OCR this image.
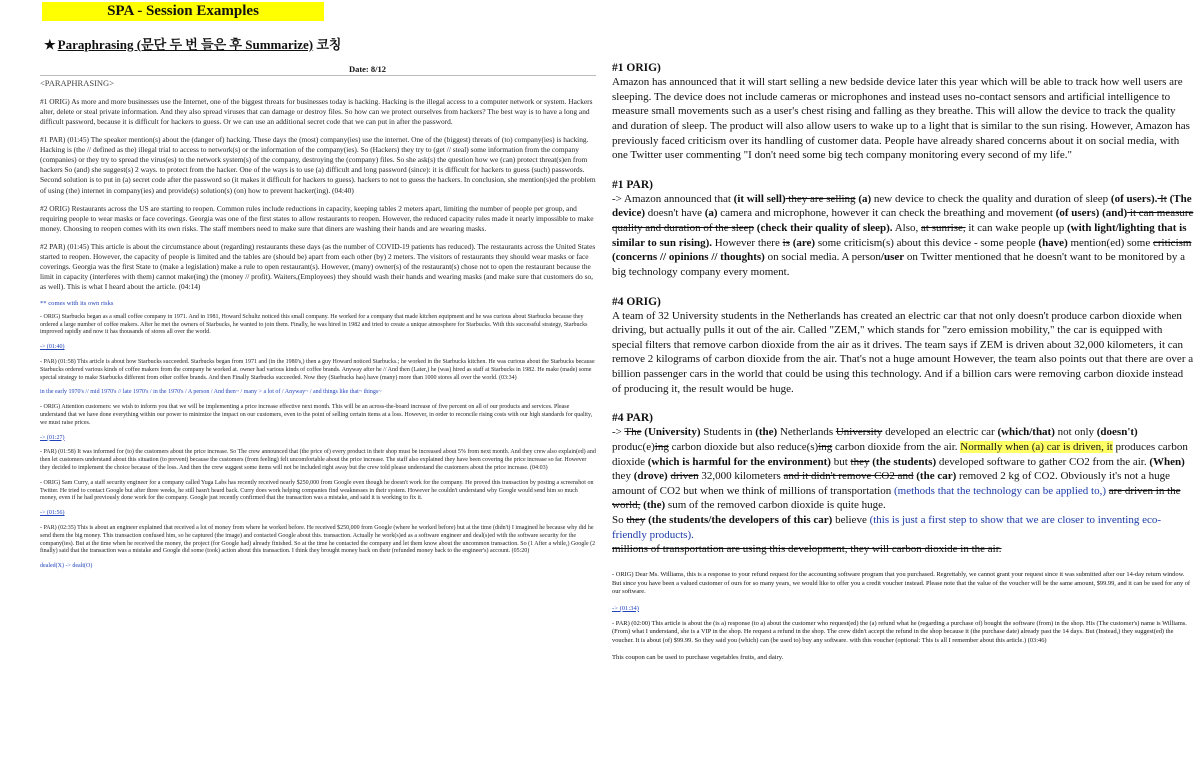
SPA - Session Examples
★ Paraphrasing (문단 두 번 들은 후 Summarize) 코칭
Date: 8/12
<PARAPHRASING>

#1 ORIG) As more and more businesses use the Internet, one of the biggest threats for businesses today is hacking. Hacking is the illegal access to a computer network or system. Hackers alter, delete or steal private information. And they also spread viruses that can damage or destroy files. So how can we protect ourselves from hackers? The best way is to have a long and difficult password, because it is difficult for hackers to guess. Or we can use an additional secret code that we can put in after the password.

#1 PAR) (01:45) The speaker mention(s) about the (danger of) hacking. These days the (most) company(ies) use the internet. One of the (biggest) threats of (to) company(ies) is hacking. Hacking is (the // defined as the) illegal trial to access to network(s) or the information of the company(ies). So (Hackers) they try to (get // steal) some information from the company (companies) or they try to spread the virus(es) to the network system(s) of the company, destroying the (company) files. So she ask(s) the question how we (can) protect threat(s)en from hackers So (and) she suggest(s) 2 ways. to protect from the hacker. One of the ways is to use (a) difficult and long password (since): it is difficult for hackers to guess (such) passwords. Second solution is to put in (a) secret code after the password so (it makes it difficult for hackers to guess). hackers to not to guess the hackers. In conclusion, she mention(s)ed the problem of using (the) internet in company(ies) and provide(s) solution(s) (on) how to prevent hacker(ing). (04:40)

#2 ORIG) Restaurants across the US are starting to reopen. Common rules include reductions in capacity, keeping tables 2 meters apart, limiting the number of people per group, and requiring people to wear masks or face coverings. Georgia was one of the first states to allow restaurants to reopen. However, the reduced capacity rules made it nearly impossible to make money. Choosing to reopen comes with its own risks. The staff members need to make sure that diners are washing their hands and are wearing masks.

#2 PAR) (01:45) This article is about the circumstance about (regarding) restaurants these days (as the number of COVID-19 patients has reduced). The restaurants across the United States started to reopen. However, the capacity of people is limited and the tables are (should be) apart from each other (by) 2 meters. The visitors of restaurants they should wear masks or face coverings. Georgia was the first State to (make a legislation) make a rule to open restaurant(s). However, (many) owner(s) of the restaurant(s) chose not to open the restaurant because the limit in capacity (interferes with them) cannot make(ing) the (money // profit). Waiters,(Employees) they should wash their hands and wearing masks (and make sure that customers do so, as well). This is what I heard about the article. (04:14)

** comes with its own risks

- ORIG) Starbucks began as a small coffee company in 1971. And in 1981, Howard Schultz noticed this small company. He worked for a company that made kitchen equipment and he was curious about Starbucks because they ordered a large number of coffee makers. After he met the owners of Starbucks, he wanted to join them. Finally, he was hired in 1982 and tried to create a unique atmosphere for Starbucks. With this successful strategy, Starbucks improved rapidly and now it has thousands of stores all over the world.

-> (01:40)

- PAR) (01:58) This article is about how Starbucks succeeded. Starbucks began from 1971 and (in the 1980's,) then a guy Howard noticed Starbucks.; he worked in the Starbucks kitchen. He was curious about the Starbucks because Starbucks ordered various kinds of coffee makers from the company he worked at. owner had various kinds of coffee brands. Anyway after he // And then (Later,) he (was) hired as staff at Starbucks in 1982. He make (made) some special strategy to make Starbucks different from other coffee brands. And then Finally Starbucks succeeded. Now they (Starbucks has) have (many) more than 1000 stores all over the world. (03:34)

in the early 1970's // mid 1970's // late 1970's / in the 1970's / A person / And then~ / many > a lot of / Anyway~ / and things like that~ things~

- ORIG) Attention customers: we wish to inform you that we will be implementing a price increase effective next month. This will be an across-the-board increase of five percent on all of our products and services. Please understand that we have done everything within our power to minimize the impact on our customers, even to the point of selling certain items at a loss. However, in order to reconcile rising costs with our high standards for quality, we must raise prices.

-> (01:27)

- PAR) (01:58) It was informed for (to) the customers about the price increase. So The crew announced that (the price of) every product in their shop must be increased about 5% from next month. And they crew also explain(ed) and then let customers understand about this situation (to prevent) because the customers (from feeling) felt uncomfortable about the price increase. The staff also explained they have been covering the price increase so far. However they decided to implement the choice because of the loss. And then the crew suggest some items will not be included right away but the crew told please understand the customers about the price increase. (04:03)

- ORIG) Sam Curry, a staff security engineer for a company called Yuga Labs has recently received nearly $250,000 from Google even though he doesn't work for the company. He proved this transaction by posting a screenshot on Twitter. He tried to contact Google but after three weeks, he still hasn't heard back. Curry does work helping companies find weaknesses in their system. However he couldn't understand why Google would send him so much money, even if he had previously done work for the company. Google just recently confirmed that the transaction was a mistake, and said it is working to fix it.

-> (01:56)

- PAR) (02:35) This is about an engineer explained that received a lot of money from where he worked before. He received $250,000 from Google (where he worked before) but at the time (didn't) I imagined he because why did he send them the big money. This transaction confused him, so he captured (the image) and contacted Google about this. transaction. Actually he work(s)ed as a software engineer and deal(s)ed with the software security for the company(ies). But at the time when he received the money, the project (for Google had) already finished. So at the time he contacted the company and let them know about the uncommon transaction. So (1 After a while,) Google (2 finally) said that the transaction was a mistake and Google did some (took) action about this transaction. I think they brought money back on their (refunded money back to the engineer's) account. (05:20)

dealed(X) -> dealt(O)

#1 ORIG)

Amazon has announced that it will start selling a new bedside device later this year which will be able to track how well users are sleeping. The device does not include cameras or microphones and instead uses no-contact sensors and artificial intelligence to measure small movements such as a user's chest rising and falling as they breathe. This will allow the device to track the quality and duration of sleep. The product will also allow users to wake up to a light that is similar to the sun rising. However, Amazon has previously faced criticism over its handling of customer data. People have already shared concerns about it on social media, with one Twitter user commenting "I don't need some big tech company monitoring every second of my life."

#1 PAR)

-> Amazon announced that (it will sell) they are selling (a) new device to check the quality and duration of sleep (of users). It (The device) doesn't have (a) camera and microphone, however it can check the breathing and movement (of users) (and) it can measure quality and duration of the sleep (check their quality of sleep). Also, at sunrise, it can wake people up (with light/lighting that is similar to sun rising). However there is (are) some criticism(s) about this device - some people (have) mention(ed) some criticism (concerns // opinions // thoughts) on social media. A person/user on Twitter mentioned that he doesn't want to be monitored by a big technology company every moment.

#4 ORIG)

A team of 32 University students in the Netherlands has created an electric car that not only doesn't produce carbon dioxide when driving, but actually pulls it out of the air. Called "ZEM," which stands for "zero emission mobility," the car is equipped with special filters that remove carbon dioxide from the air as it drives. The team says if ZEM is driven about 32,000 kilometers, it can remove 2 kilograms of carbon dioxide from the air. That's not a huge amount However, the team also points out that there are over a billion passenger cars in the world that could be using this technology. And if a billion cars were removing carbon dioxide instead of producing it, the result would be huge.

#4 PAR)

-> The (University) Students in (the) Netherlands University developed an electric car (which/that) not only (doesn't) produc(e)ing carbon dioxide but also reduce(s)ing carbon dioxide from the air. Normally when (a) car is driven, it produces carbon dioxide (which is harmful for the environment) but they (the students) developed software to gather CO2 from the air. (When) they (drove) driven 32,000 kilometers and it didn't remove CO2 and (the car) removed 2 kg of CO2. Obviously it's not a huge amount of CO2 but when we think of millions of transportation (methods that the technology can be applied to,) are driven in the world, (the) sum of the removed carbon dioxide is quite huge.
So they (the students/the developers of this car) believe (this is just a first step to show that we are closer to inventing eco-friendly products).
millions of transportation are using this development, they will carbon dioxide in the air.

- ORIG) Dear Ms. Williams, this is a response to your refund request for the accounting software program that you purchased. Regrettably, we cannot grant your request since it was submitted after our 14-day return window. But since you have been a valued customer of ours for so many years, we would like to offer you a credit voucher instead. Please note that the value of the voucher will be the same amount, $99.99, and it can be used for any of our software.

-> (01:34)

- PAR) (02:00) This article is about the (is a) response (to a) about the customer who request(ed) the (a) refund what he (regarding a purchase of) bought the software (from) in the shop. His (The customer's) name is Williams. (From) what I understand, she is a VIP in the shop. He request a refund in the shop. The crew didn't accept the refund in the shop because it (the purchase date) already past the 14 days. But (Instead,) they suggest(ed) the voucher. It is about (of) $99.99. So they said you (which) can (be used to) buy any software. with this voucher (optional: This is all I remember about this article.) (03:46)

This coupon can be used to purchase vegetables fruits, and dairy.
